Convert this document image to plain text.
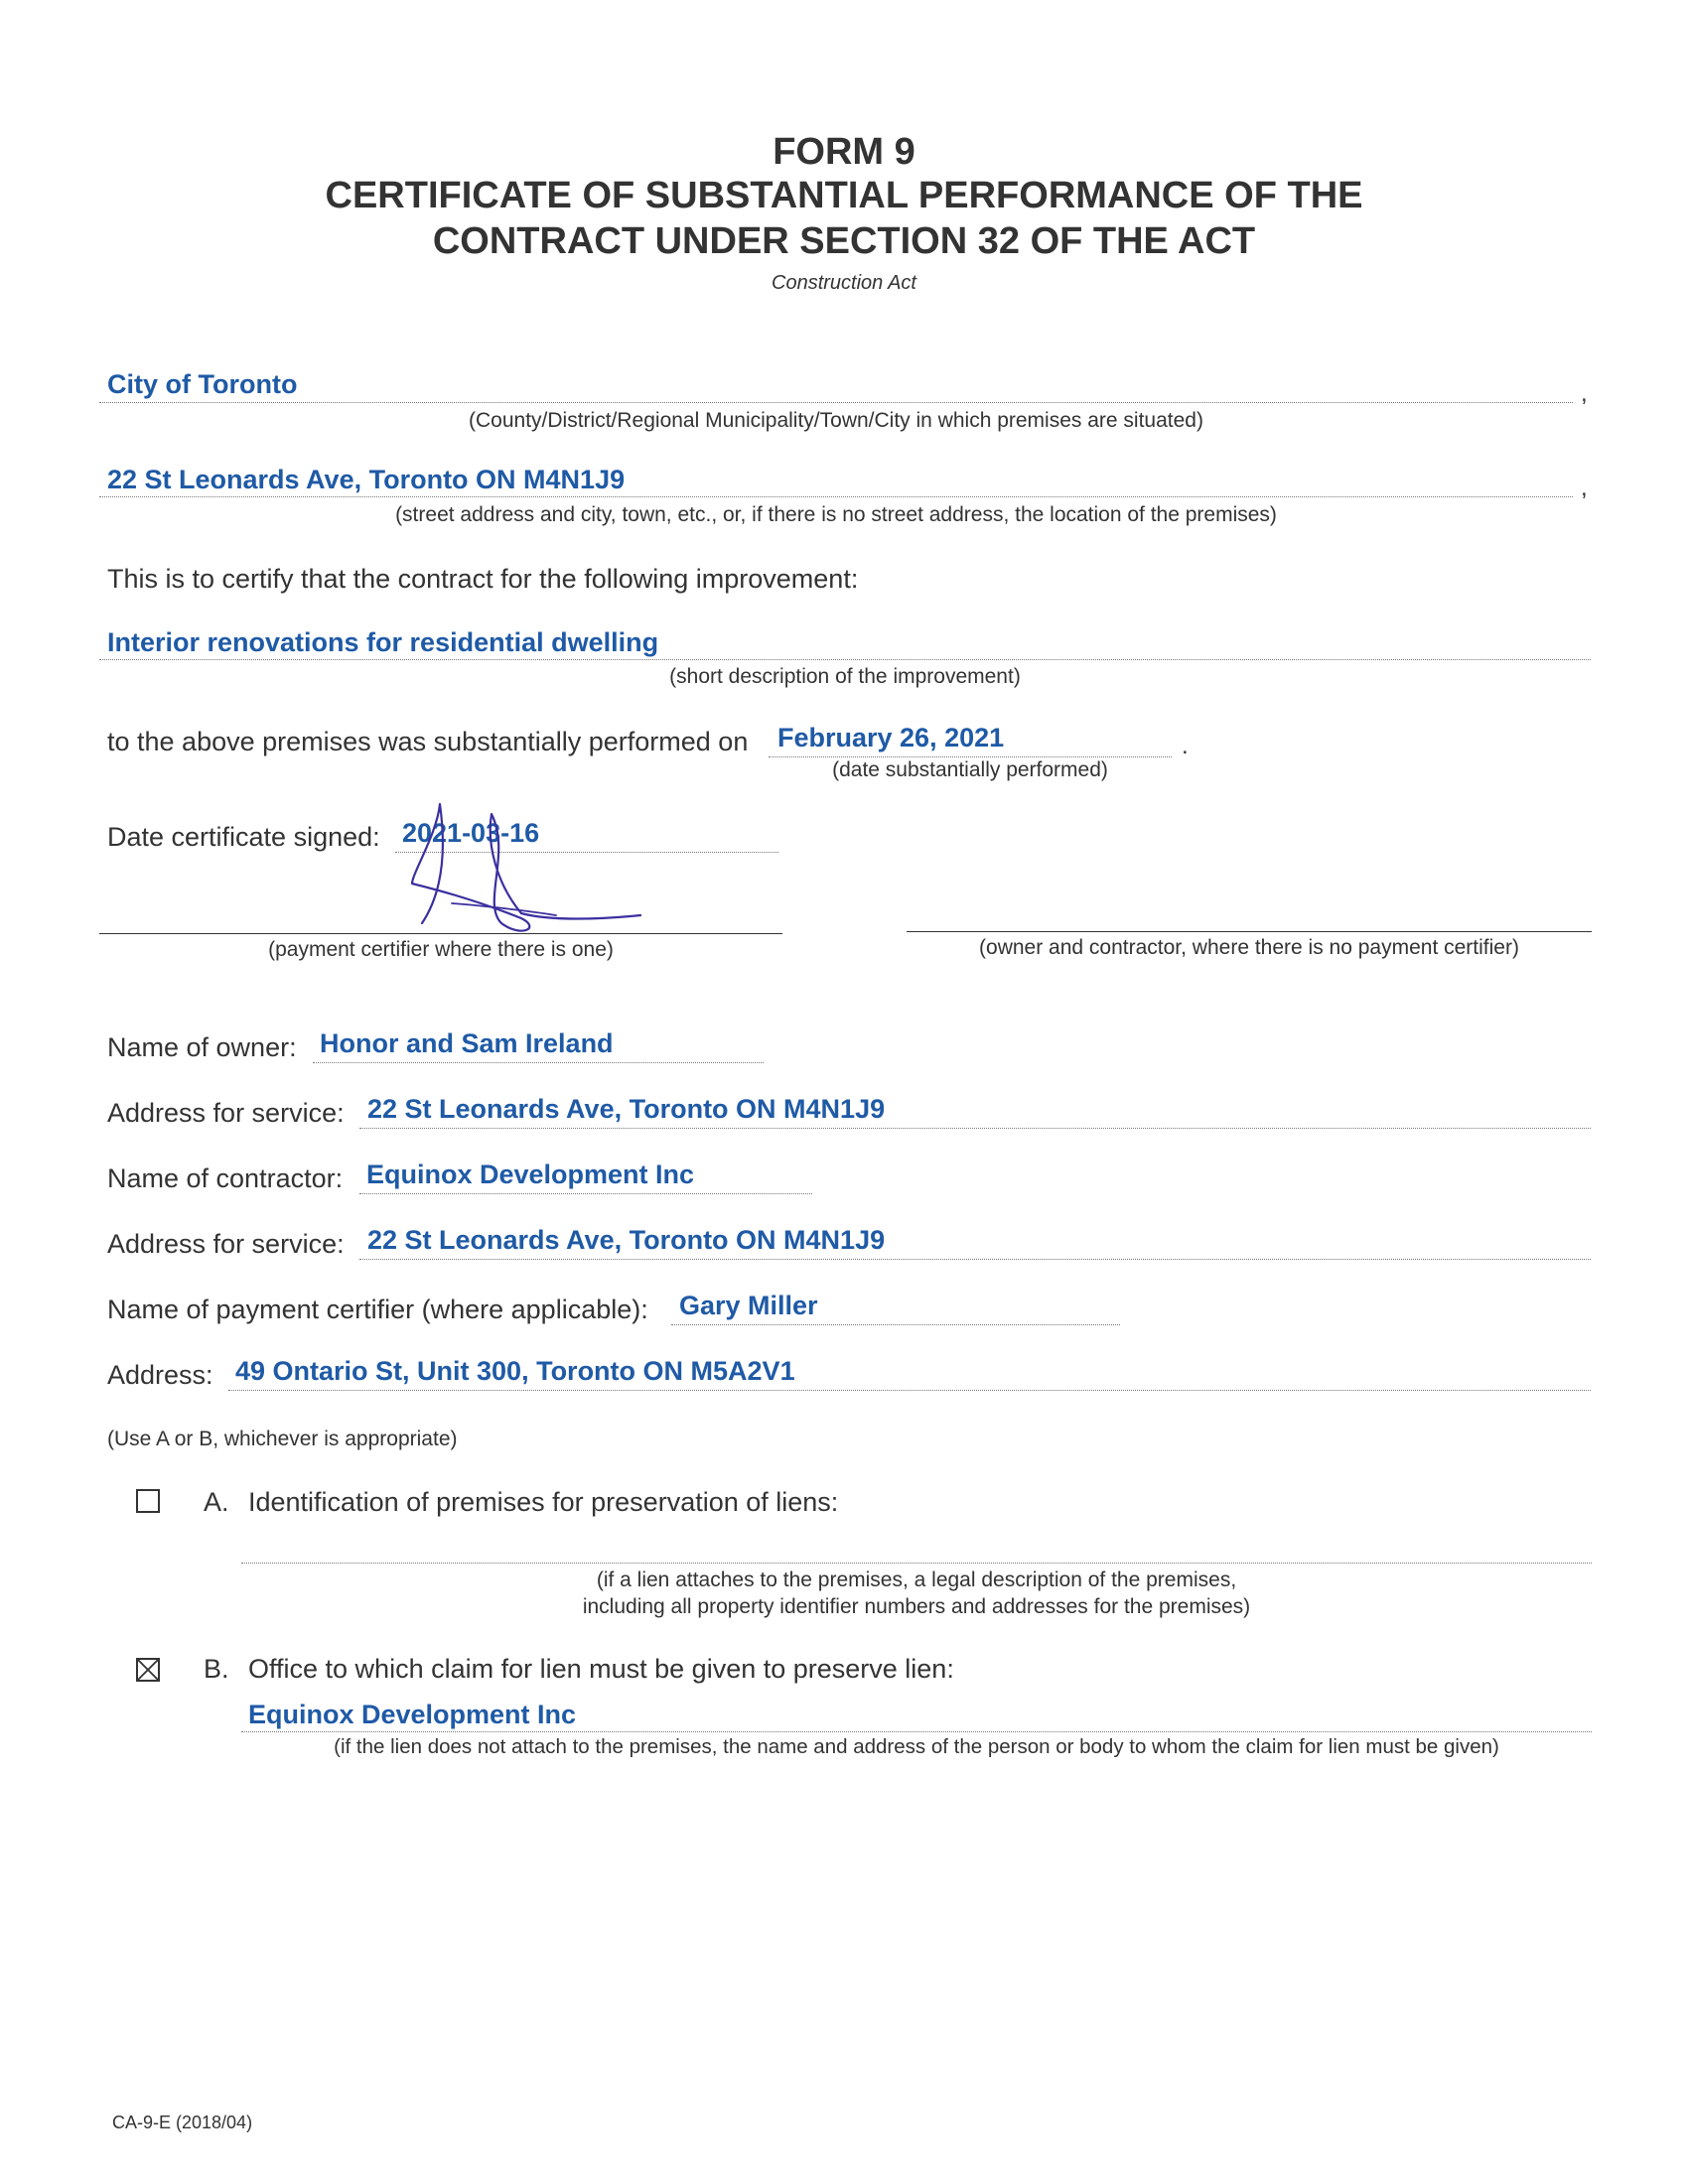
FORM 9
CERTIFICATE OF SUBSTANTIAL PERFORMANCE OF THE
CONTRACT UNDER SECTION 32 OF THE ACT
Construction Act
City of Toronto	,
(County/District/Regional Municipality/Town/City in which premises are situated)
22 St Leonards Ave, Toronto ON M4N1J9	,
(street address and city, town, etc., or, if there is no street address, the location of the premises)
This is to certify that the contract for the following improvement:
Interior renovations for residential dwelling
(short description of the improvement)
to the above premises was substantially performed on February 26, 2021	.
(date substantially performed)
Date certificate signed: 2021-03-16
(payment certifier where there is one)	(owner and contractor, where there is no payment certifier)
Name of owner: Honor and Sam Ireland
Address for service: 22 St Leonards Ave, Toronto ON M4N1J9
Name of contractor: Equinox Development Inc
Address for service: 22 St Leonards Ave, Toronto ON M4N1J9
Name of payment certifier (where applicable): Gary Miller
Address: 49 Ontario St, Unit 300, Toronto ON M5A2V1
(Use A or B, whichever is appropriate)
A. Identification of premises for preservation of liens:
(if a lien attaches to the premises, a legal description of the premises,
including all property identifier numbers and addresses for the premises)
B. Office to which claim for lien must be given to preserve lien:
Equinox Development Inc
(if the lien does not attach to the premises, the name and address of the person or body to whom the claim for lien must be given)
CA-9-E (2018/04)
